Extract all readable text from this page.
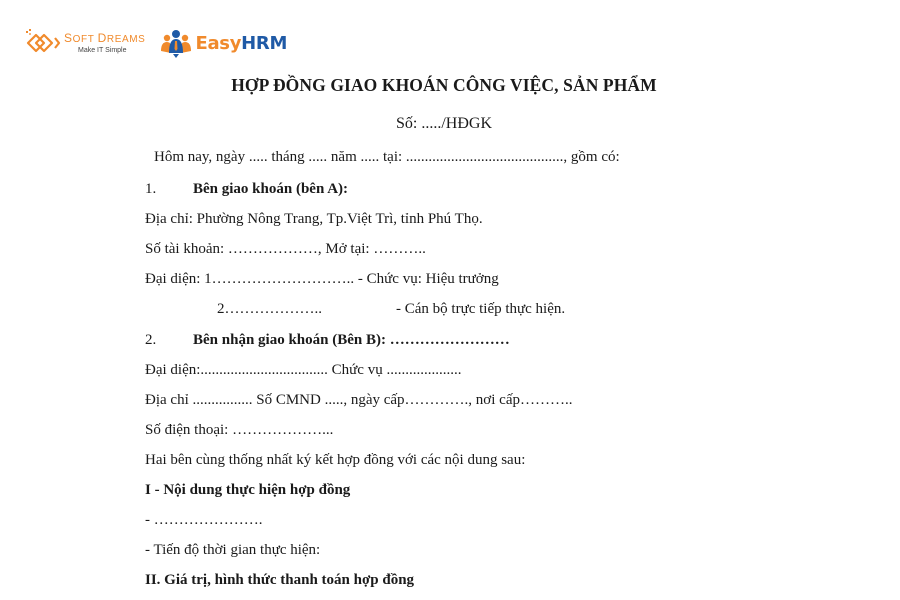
SOFT DREAMS
Make IT Simple	EasyHRM
HỢP ĐỒNG GIAO KHOÁN CÔNG VIỆC, SẢN PHẨM
Số: ...../HĐGK
Hôm nay, ngày ..... tháng ..... năm ..... tại: .........................................., gồm có:
1. Bên giao khoán (bên A):
Địa chỉ: Phường Nông Trang, Tp.Việt Trì, tỉnh Phú Thọ.
Số tài khoản: ………………, Mở tại: ………..
Đại diện: 1……………………….. - Chức vụ: Hiệu trưởng
2………………..	- Cán bộ trực tiếp thực hiện.
2. Bên nhận giao khoán (Bên B): ……………………
Đại diện:.................................. Chức vụ ....................
Địa chỉ ................ Số CMND ....., ngày cấp…………., nơi cấp………..
Số điện thoại: ………………...
Hai bên cùng thống nhất ký kết hợp đồng với các nội dung sau:
I - Nội dung thực hiện hợp đồng
- ………………….
- Tiến độ thời gian thực hiện:
II. Giá trị, hình thức thanh toán hợp đồng
